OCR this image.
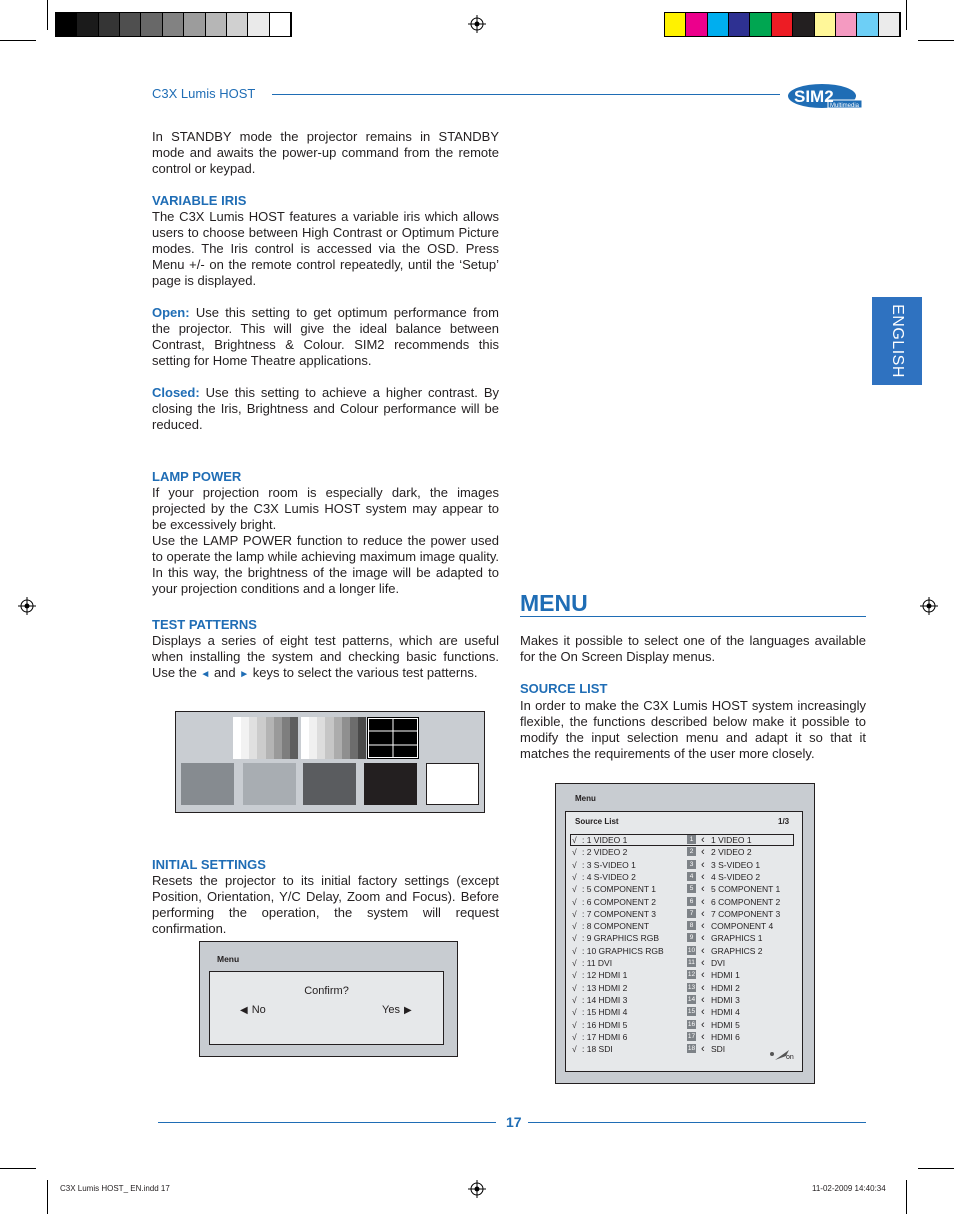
C3X Lumis HOST	SIM2
Multimedia
ENGLISH
In STANDBY mode the projector remains in STANDBY mode and awaits the power-up command from the remote control or keypad.
VARIABLE IRIS
The C3X Lumis HOST features a variable iris which allows users to choose between High Contrast or Optimum Picture modes. The Iris control is accessed via the OSD. Press Menu +/- on the remote control repeatedly, until the ‘Setup’ page is displayed.
Open: Use this setting to get optimum performance from the projector. This will give the ideal balance between Contrast, Brightness & Colour. SIM2 recommends this setting for Home Theatre applications.
Closed: Use this setting to achieve a higher contrast. By closing the Iris, Brightness and Colour performance will be reduced.
LAMP POWER

If your projection room is especially dark, the images projected by the C3X Lumis HOST system may appear to be excessively bright.

Use the LAMP POWER function to reduce the power used to operate the lamp while achieving maximum image quality. In this way, the brightness of the image will be adapted to your projection conditions and a longer life.

TEST PATTERNS
Displays a series of eight test patterns, which are useful when installing the system and checking basic functions. Use the ◄ and ► keys to select the various test patterns.
INITIAL SETTINGS
Resets the projector to its initial factory settings (except Position, Orientation, Y/C Delay, Zoom and Focus). Before performing the operation, the system will request confirmation.
Menu
Confirm?
◀ No	Yes ▶
MENU
Makes it possible to select one of the languages available for the On Screen Display menus.
SOURCE LIST
In order to make the C3X Lumis HOST system increasingly flexible, the functions described below make it possible to modify the input selection menu and adapt it so that it matches the requirements of the user more closely.
Menu
Source List	1/3
√ : 1 VIDEO 1	1 ‹ 1 VIDEO 1
√ : 2 VIDEO 2	2 ‹ 2 VIDEO 2
√ : 3 S-VIDEO 1	3 ‹ 3 S-VIDEO 1
√ : 4 S-VIDEO 2	4 ‹ 4 S-VIDEO 2
√ : 5 COMPONENT 1	5 ‹ 5 COMPONENT 1
√ : 6 COMPONENT 2	6 ‹ 6 COMPONENT 2
√ : 7 COMPONENT 3	7 ‹ 7 COMPONENT 3
√ : 8 COMPONENT	8 ‹ COMPONENT 4
√ : 9 GRAPHICS RGB	9 ‹ GRAPHICS 1
√ : 10 GRAPHICS RGB	10 ‹ GRAPHICS 2
√ : 11 DVI	11 ‹ DVI
√ : 12 HDMI 1	12 ‹ HDMI 1
√ : 13 HDMI 2	13 ‹ HDMI 2
√ : 14 HDMI 3	14 ‹ HDMI 3
√ : 15 HDMI 4	15 ‹ HDMI 4
√ : 16 HDMI 5	16 ‹ HDMI 5
√ : 17 HDMI 6	17 ‹ HDMI 6
√ : 18 SDI	18 ‹ SDI
on
17
C3X Lumis HOST_ EN.indd 17	11-02-2009 14:40:34
